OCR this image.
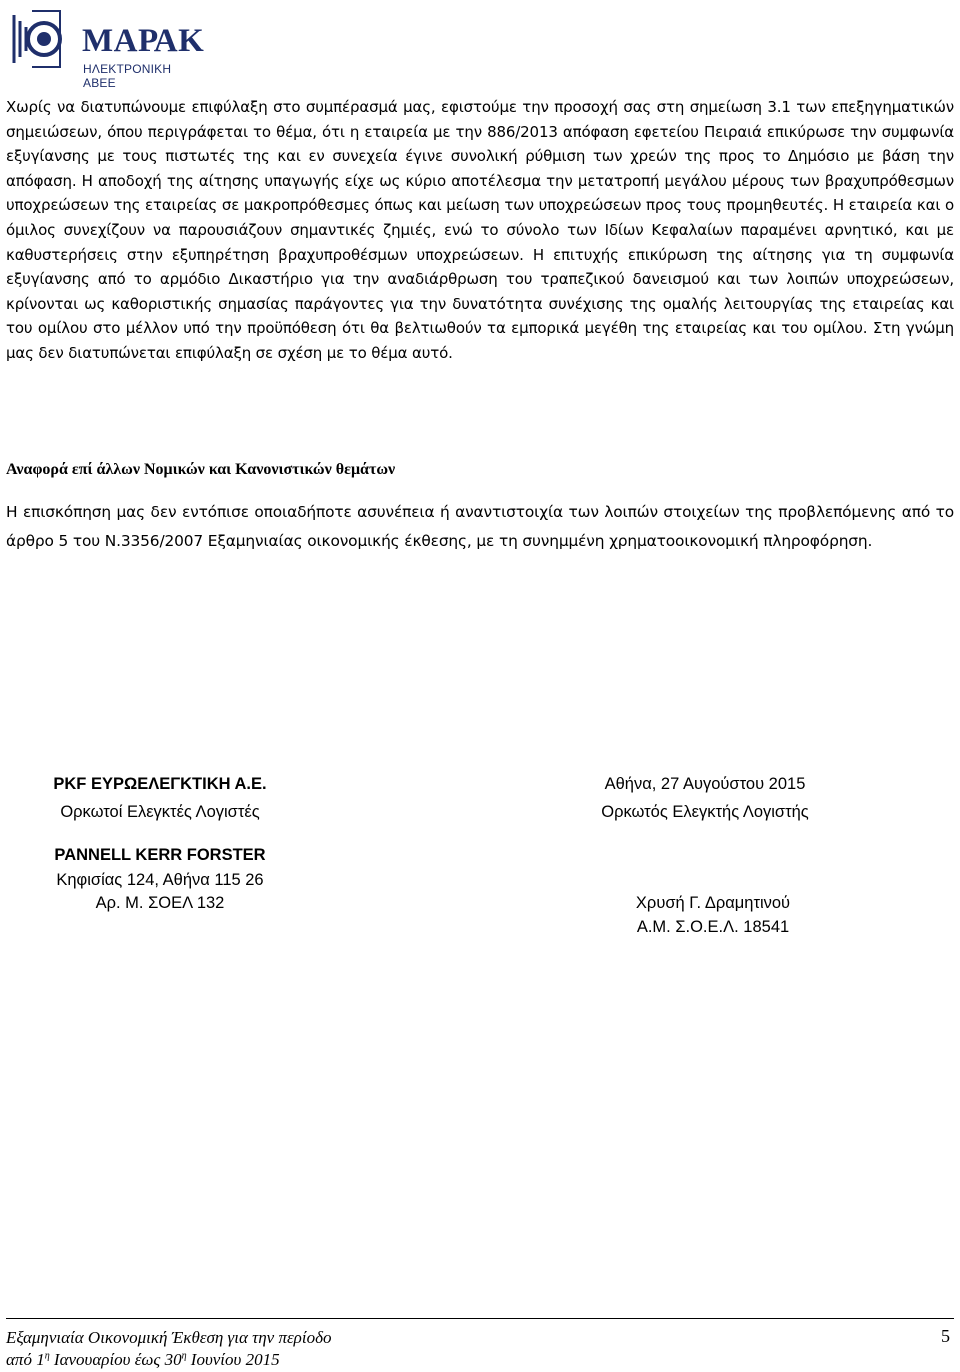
ΜΑΡΑΚ
ΗΛΕΚΤΡΟΝΙΚΗ ΑΒΕΕ

Χωρίς να διατυπώνουμε επιφύλαξη στο συμπέρασμά μας, εφιστούμε την προσοχή σας στη σημείωση 3.1 των επεξηγηματικών σημειώσεων, όπου περιγράφεται το θέμα, ότι η εταιρεία με την 886/2013 απόφαση εφετείου Πειραιά επικύρωσε την συμφωνία εξυγίανσης με τους πιστωτές της και εν συνεχεία έγινε συνολική ρύθμιση των χρεών της προς το Δημόσιο με βάση την απόφαση. Η αποδοχή της αίτησης υπαγωγής είχε ως κύριο αποτέλεσμα την μετατροπή μεγάλου μέρους των βραχυπρόθεσμων υποχρεώσεων της εταιρείας σε μακροπρόθεσμες όπως και μείωση των υποχρεώσεων προς τους προμηθευτές. Η εταιρεία και ο όμιλος συνεχίζουν να παρουσιάζουν σημαντικές ζημιές, ενώ το σύνολο των Ιδίων Κεφαλαίων παραμένει αρνητικό, και με καθυστερήσεις στην εξυπηρέτηση βραχυπροθέσμων υποχρεώσεων. Η επιτυχής επικύρωση της αίτησης για τη συμφωνία εξυγίανσης από το αρμόδιο Δικαστήριο για την αναδιάρθρωση του τραπεζικού δανεισμού και των λοιπών υποχρεώσεων, κρίνονται ως καθοριστικής σημασίας παράγοντες για την δυνατότητα συνέχισης της ομαλής λειτουργίας της εταιρείας και του ομίλου στο μέλλον υπό την προϋπόθεση ότι θα βελτιωθούν τα εμπορικά μεγέθη της εταιρείας και του ομίλου. Στη γνώμη μας δεν διατυπώνεται επιφύλαξη σε σχέση με το θέμα αυτό.

Αναφορά επί άλλων Νομικών και Κανονιστικών θεμάτων

Η επισκόπηση μας δεν εντόπισε οποιαδήποτε ασυνέπεια ή αναντιστοιχία των λοιπών στοιχείων της προβλεπόμενης από το άρθρο 5 του Ν.3356/2007 Εξαμηνιαίας οικονομικής έκθεσης, με τη συνημμένη χρηματοοικονομική πληροφόρηση.

PKF ΕΥΡΩΕΛΕΓΚΤΙΚΗ Α.Ε.
Ορκωτοί Ελεγκτές Λογιστές
PANNELL KERR FORSTER
Κηφισίας 124, Αθήνα 115 26
Αρ. Μ. ΣΟΕΛ 132
Αθήνα, 27 Αυγούστου 2015
Ορκωτός Ελεγκτής Λογιστής
Χρυσή Γ. Δραμητινού
Α.Μ. Σ.Ο.Ε.Λ. 18541
Εξαμηνιαία Οικονομική Έκθεση για την περίοδο
από $1^\eta$ Ιανουαρίου έως $30^\eta$ Ιουνίου 2015
5
